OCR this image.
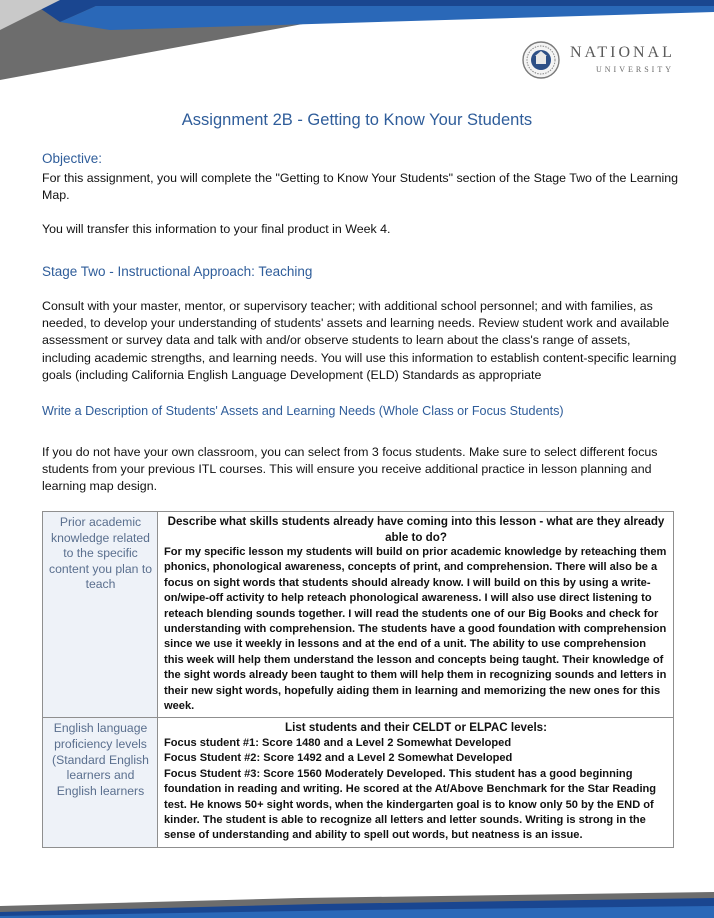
NATIONAL
UNIVERSITY
Assignment 2B - Getting to Know Your Students
Objective:
For this assignment, you will complete the "Getting to Know Your Students" section of the Stage Two of the Learning Map.
You will transfer this information to your final product in Week 4.
Stage Two - Instructional Approach: Teaching
Consult with your master, mentor, or supervisory teacher; with additional school personnel; and with families, as needed, to develop your understanding of students' assets and learning needs. Review student work and available assessment or survey data and talk with and/or observe students to learn about the class's range of assets, including academic strengths, and learning needs. You will use this information to establish content-specific learning goals (including California English Language Development (ELD) Standards as appropriate
Write a Description of Students' Assets and Learning Needs (Whole Class or Focus Students)
If you do not have your own classroom, you can select from 3 focus students. Make sure to select different focus students from your previous ITL courses. This will ensure you receive additional practice in lesson planning and learning map design.
Prior academic knowledge related to the specific content you plan to teach	Describe what skills students already have coming into this lesson - what are they already able to do?

For my specific lesson my students will build on prior academic knowledge by reteaching them phonics, phonological awareness, concepts of print, and comprehension. There will also be a focus on sight words that students should already know. I will build on this by using a write-on/wipe-off activity to help reteach phonological awareness. I will also use direct listening to reteach blending sounds together. I will read the students one of our Big Books and check for understanding with comprehension. The students have a good foundation with comprehension since we use it weekly in lessons and at the end of a unit. The ability to use comprehension this week will help them understand the lesson and concepts being taught. Their knowledge of the sight words already been taught to them will help them in recognizing sounds and letters in their new sight words, hopefully aiding them in learning and memorizing the new ones for this week.

English language proficiency levels (Standard English learners and English learners	List students and their CELDT or ELPAC levels:
Focus student #1: Score 1480 and a Level 2 Somewhat Developed
Focus Student #2: Score 1492 and a Level 2 Somewhat Developed
Focus Student #3: Score 1560 Moderately Developed. This student has a good beginning foundation in reading and writing. He scored at the At/Above Benchmark for the Star Reading test. He knows 50+ sight words, when the kindergarten goal is to know only 50 by the END of kinder. The student is able to recognize all letters and letter sounds. Writing is strong in the sense of understanding and ability to spell out words, but neatness is an issue.
